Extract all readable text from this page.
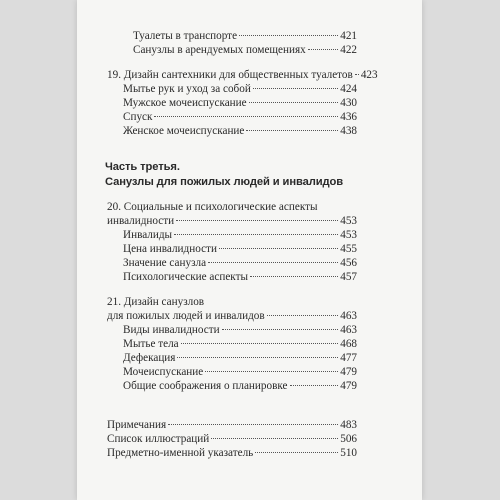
Туалеты в транспорте	421
Санузлы в арендуемых помещениях	422
19. Дизайн сантехники для общественных туалетов 423
Мытье рук и уход за собой	424
Мужское мочеиспускание	430
Спуск	436
Женское мочеиспускание	438
Часть третья.
Санузлы для пожилых людей и инвалидов
20. Социальные и психологические аспекты
инвалидности	453
Инвалиды	453
Цена инвалидности	455
Значение санузла	456
Психологические аспекты	457
21. Дизайн санузлов
для пожилых людей и инвалидов	463
Виды инвалидности	463
Мытье тела	468
Дефекация	477
Мочеиспускание	479
Общие соображения о планировке	479
Примечания	483
Список иллюстраций	506
Предметно-именной указатель	510
